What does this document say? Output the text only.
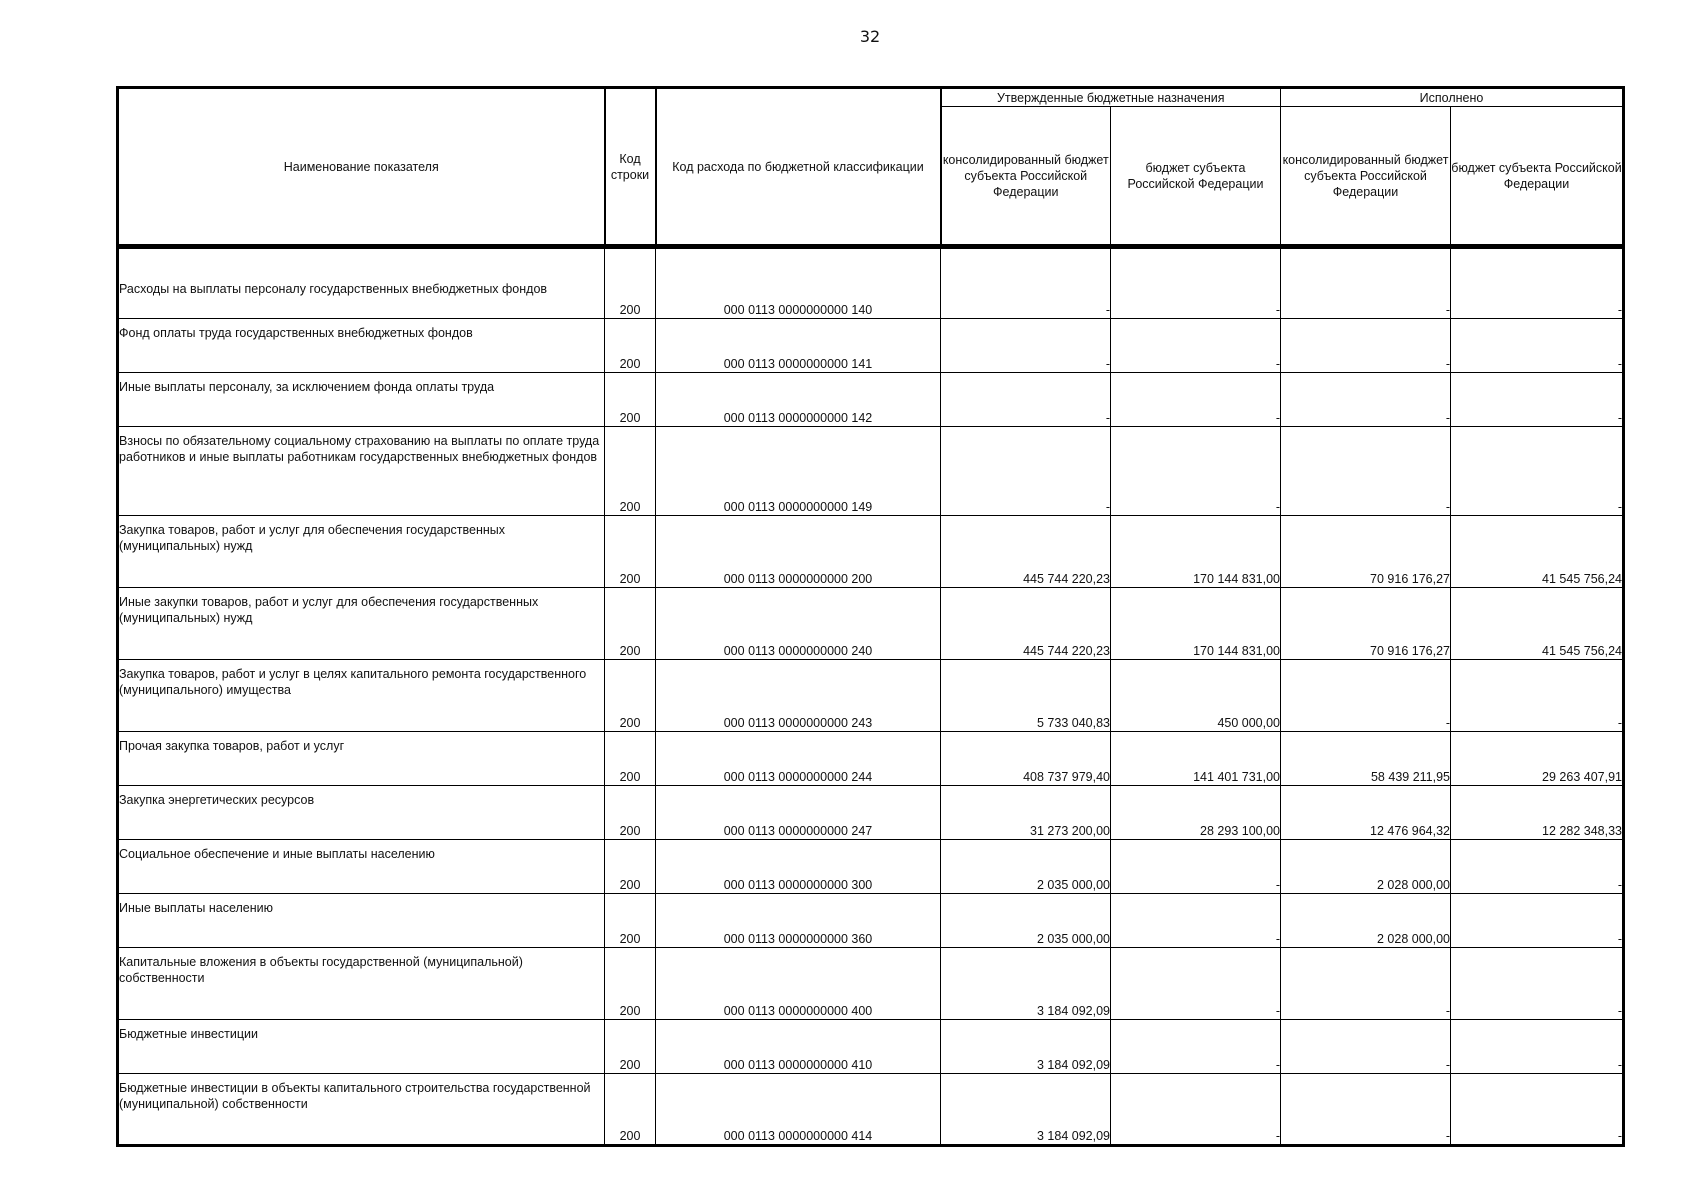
32
Наименование показателя	Код строки	Код расхода по бюджетной классификации	Утвержденные бюджетные назначения		Исполнено	
			консолидированный бюджет субъекта Российской Федерации	бюджет субъекта Российской Федерации	консолидированный бюджет субъекта Российской Федерации	бюджет субъекта Российской Федерации
Расходы на выплаты персоналу государственных внебюджетных фондов	200	000 0113 0000000000 140	-	-	-	-
Фонд оплаты труда государственных внебюджетных фондов	200	000 0113 0000000000 141	-	-	-	-
Иные выплаты персоналу, за исключением фонда оплаты труда	200	000 0113 0000000000 142	-	-	-	-
Взносы по обязательному социальному страхованию на выплаты по оплате труда работников и иные выплаты работникам государственных внебюджетных фондов	200	000 0113 0000000000 149	-	-	-	-
Закупка товаров, работ и услуг для обеспечения государственных (муниципальных) нужд	200	000 0113 0000000000 200	445 744 220,23	170 144 831,00	70 916 176,27	41 545 756,24
Иные закупки товаров, работ и услуг для обеспечения государственных (муниципальных) нужд	200	000 0113 0000000000 240	445 744 220,23	170 144 831,00	70 916 176,27	41 545 756,24
Закупка товаров, работ и услуг в целях капитального ремонта государственного (муниципального) имущества	200	000 0113 0000000000 243	5 733 040,83	450 000,00	-	-
Прочая закупка товаров, работ и услуг	200	000 0113 0000000000 244	408 737 979,40	141 401 731,00	58 439 211,95	29 263 407,91
Закупка энергетических ресурсов	200	000 0113 0000000000 247	31 273 200,00	28 293 100,00	12 476 964,32	12 282 348,33
Социальное обеспечение и иные выплаты населению	200	000 0113 0000000000 300	2 035 000,00	-	2 028 000,00	-
Иные выплаты населению	200	000 0113 0000000000 360	2 035 000,00	-	2 028 000,00	-
Капитальные вложения в объекты государственной (муниципальной) собственности	200	000 0113 0000000000 400	3 184 092,09	-	-	-
Бюджетные инвестиции	200	000 0113 0000000000 410	3 184 092,09	-	-	-
Бюджетные инвестиции в объекты капитального строительства государственной (муниципальной) собственности	200	000 0113 0000000000 414	3 184 092,09	-	-	-
